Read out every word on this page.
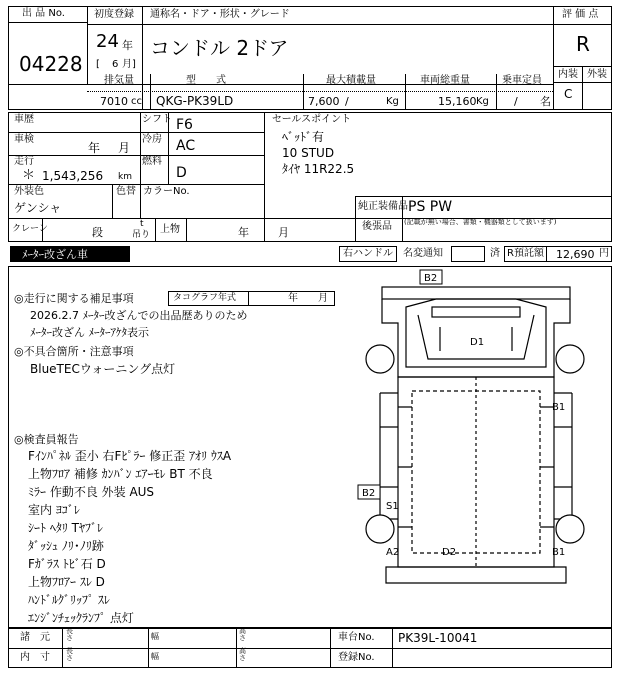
出 品 No.
04228
初度登録 通称名・ドア・形状・グレード
24 年
[ 6 月]
コンドル 2ドア
評 価 点
R
内装 外装
C
排気量	型　　式	最大積載量	車両総重量	乗車定員
7010 cc QKG-PK39LD	7,600 /	Kg	15,160 Kg / 名
車歴	シフト F6
車検
年 月
冷房 AC
走行
＊ 1,543,256 km
燃料
D
外装色	色替 カラーNo.
ゲンシャ
クレーン	段
t
吊り 上物	年	月
セールスポイント
ﾍﾞｯﾄﾞ有
10 STUD
ﾀｲﾔ 11R22.5
純正装備品 PS PW
後張品 (記載が無い場合、書類・機器類として扱います)
ﾒｰﾀｰ改ざん車	右ハンドル 名変通知	済 R預託額 12,690 円
◎走行に関する補足事項	タコグラフ年式	年 月
2026.2.7 ﾒｰﾀｰ改ざんでの出品歴ありのため
ﾒｰﾀｰ改ざん ﾒｰﾀｰｱｹﾀ表示
◎不具合箇所・注意事項
BlueTECウォーニング点灯
◎検査員報告
Fｲﾝﾊﾟﾈﾙ 歪小 右Fﾋﾟﾗｰ 修正歪 ｱｵﾘ ｳｽA
上物ﾌﾛｱ 補修 ｶﾝﾊﾞﾝ ｴｱｰﾓﾚ BT 不良
ﾐﾗｰ 作動不良 外装 AUS
室内 ﾖｺﾞﾚ
ｼｰﾄ ﾍﾀﾘ Tﾔﾌﾞﾚ
ﾀﾞｯｼｭ ﾉﾘ･ﾉﾘ跡
Fｶﾞﾗｽ ﾄﾋﾞ石 D
上物ﾌﾛｱｰ ｽﾚ D
ﾊﾝﾄﾞﾙｸﾞﾘｯﾌﾟ ｽﾚ
ｴﾝｼﾞﾝﾁｪｯｸﾗﾝﾌﾟ 点灯
B2
D1
B1
B2
S1
A2	D2	B1
諸　元
内　寸
長さ	幅
高さ
長さ	幅
高さ
車台No. PK39L-10041
登録No.
